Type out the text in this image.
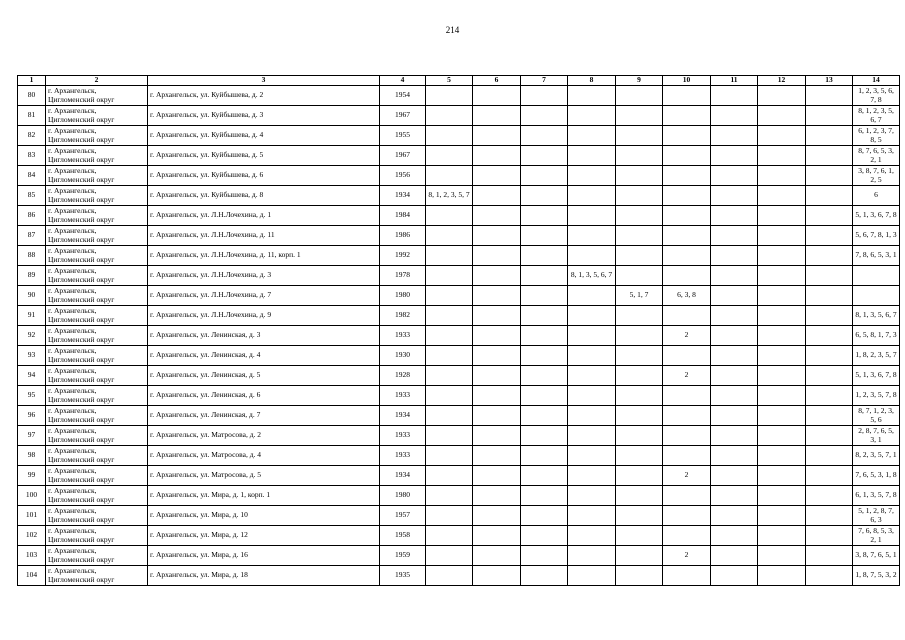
214
1	2	3	4	5	6	7	8	9	10	11	12	13	14
80	г. Архангельск,
Цигломенский округ	г. Архангельск, ул. Куйбышева, д. 2	1954										1, 2, 3, 5, 6, 7, 8
81	г. Архангельск,
Цигломенский округ	г. Архангельск, ул. Куйбышева, д. 3	1967										8, 1, 2, 3, 5, 6, 7
82	г. Архангельск,
Цигломенский округ	г. Архангельск, ул. Куйбышева, д. 4	1955										6, 1, 2, 3, 7, 8, 5
83	г. Архангельск,
Цигломенский округ	г. Архангельск, ул. Куйбышева, д. 5	1967										8, 7, 6, 5, 3, 2, 1
84	г. Архангельск,
Цигломенский округ	г. Архангельск, ул. Куйбышева, д. 6	1956										3, 8, 7, 6, 1, 2, 5
85	г. Архангельск,
Цигломенский округ	г. Архангельск, ул. Куйбышева, д. 8	1934	8, 1, 2, 3, 5, 7									6
86	г. Архангельск,
Цигломенский округ	г. Архангельск, ул. Л.Н.Лочехина, д. 1	1984										5, 1, 3, 6, 7, 8
87	г. Архангельск,
Цигломенский округ	г. Архангельск, ул. Л.Н.Лочехина, д. 11	1986										5, 6, 7, 8, 1, 3
88	г. Архангельск,
Цигломенский округ	г. Архангельск, ул. Л.Н.Лочехина, д. 11, корп. 1	1992										7, 8, 6, 5, 3, 1
89	г. Архангельск,
Цигломенский округ	г. Архангельск, ул. Л.Н.Лочехина, д. 3	1978				8, 1, 3, 5, 6, 7						
90	г. Архангельск,
Цигломенский округ	г. Архангельск, ул. Л.Н.Лочехина, д. 7	1980					5, 1, 7	6, 3, 8				
91	г. Архангельск,
Цигломенский округ	г. Архангельск, ул. Л.Н.Лочехина, д. 9	1982										8, 1, 3, 5, 6, 7
92	г. Архангельск,
Цигломенский округ	г. Архангельск, ул. Ленинская, д. 3	1933						2				6, 5, 8, 1, 7, 3
93	г. Архангельск,
Цигломенский округ	г. Архангельск, ул. Ленинская, д. 4	1930										1, 8, 2, 3, 5, 7
94	г. Архангельск,
Цигломенский округ	г. Архангельск, ул. Ленинская, д. 5	1928						2				5, 1, 3, 6, 7, 8
95	г. Архангельск,
Цигломенский округ	г. Архангельск, ул. Ленинская, д. 6	1933										1, 2, 3, 5, 7, 8
96	г. Архангельск,
Цигломенский округ	г. Архангельск, ул. Ленинская, д. 7	1934										8, 7, 1, 2, 3, 5, 6
97	г. Архангельск,
Цигломенский округ	г. Архангельск, ул. Матросова, д. 2	1933										2, 8, 7, 6, 5, 3, 1
98	г. Архангельск,
Цигломенский округ	г. Архангельск, ул. Матросова, д. 4	1933										8, 2, 3, 5, 7, 1
99	г. Архангельск,
Цигломенский округ	г. Архангельск, ул. Матросова, д. 5	1934						2				7, 6, 5, 3, 1, 8
100	г. Архангельск,
Цигломенский округ	г. Архангельск, ул. Мира, д. 1, корп. 1	1980										6, 1, 3, 5, 7, 8
101	г. Архангельск,
Цигломенский округ	г. Архангельск, ул. Мира, д. 10	1957										5, 1, 2, 8, 7, 6, 3
102	г. Архангельск,
Цигломенский округ	г. Архангельск, ул. Мира, д. 12	1958										7, 6, 8, 5, 3, 2, 1
103	г. Архангельск,
Цигломенский округ	г. Архангельск, ул. Мира, д. 16	1959						2				3, 8, 7, 6, 5, 1
104	г. Архангельск,
Цигломенский округ	г. Архангельск, ул. Мира, д. 18	1935										1, 8, 7, 5, 3, 2
